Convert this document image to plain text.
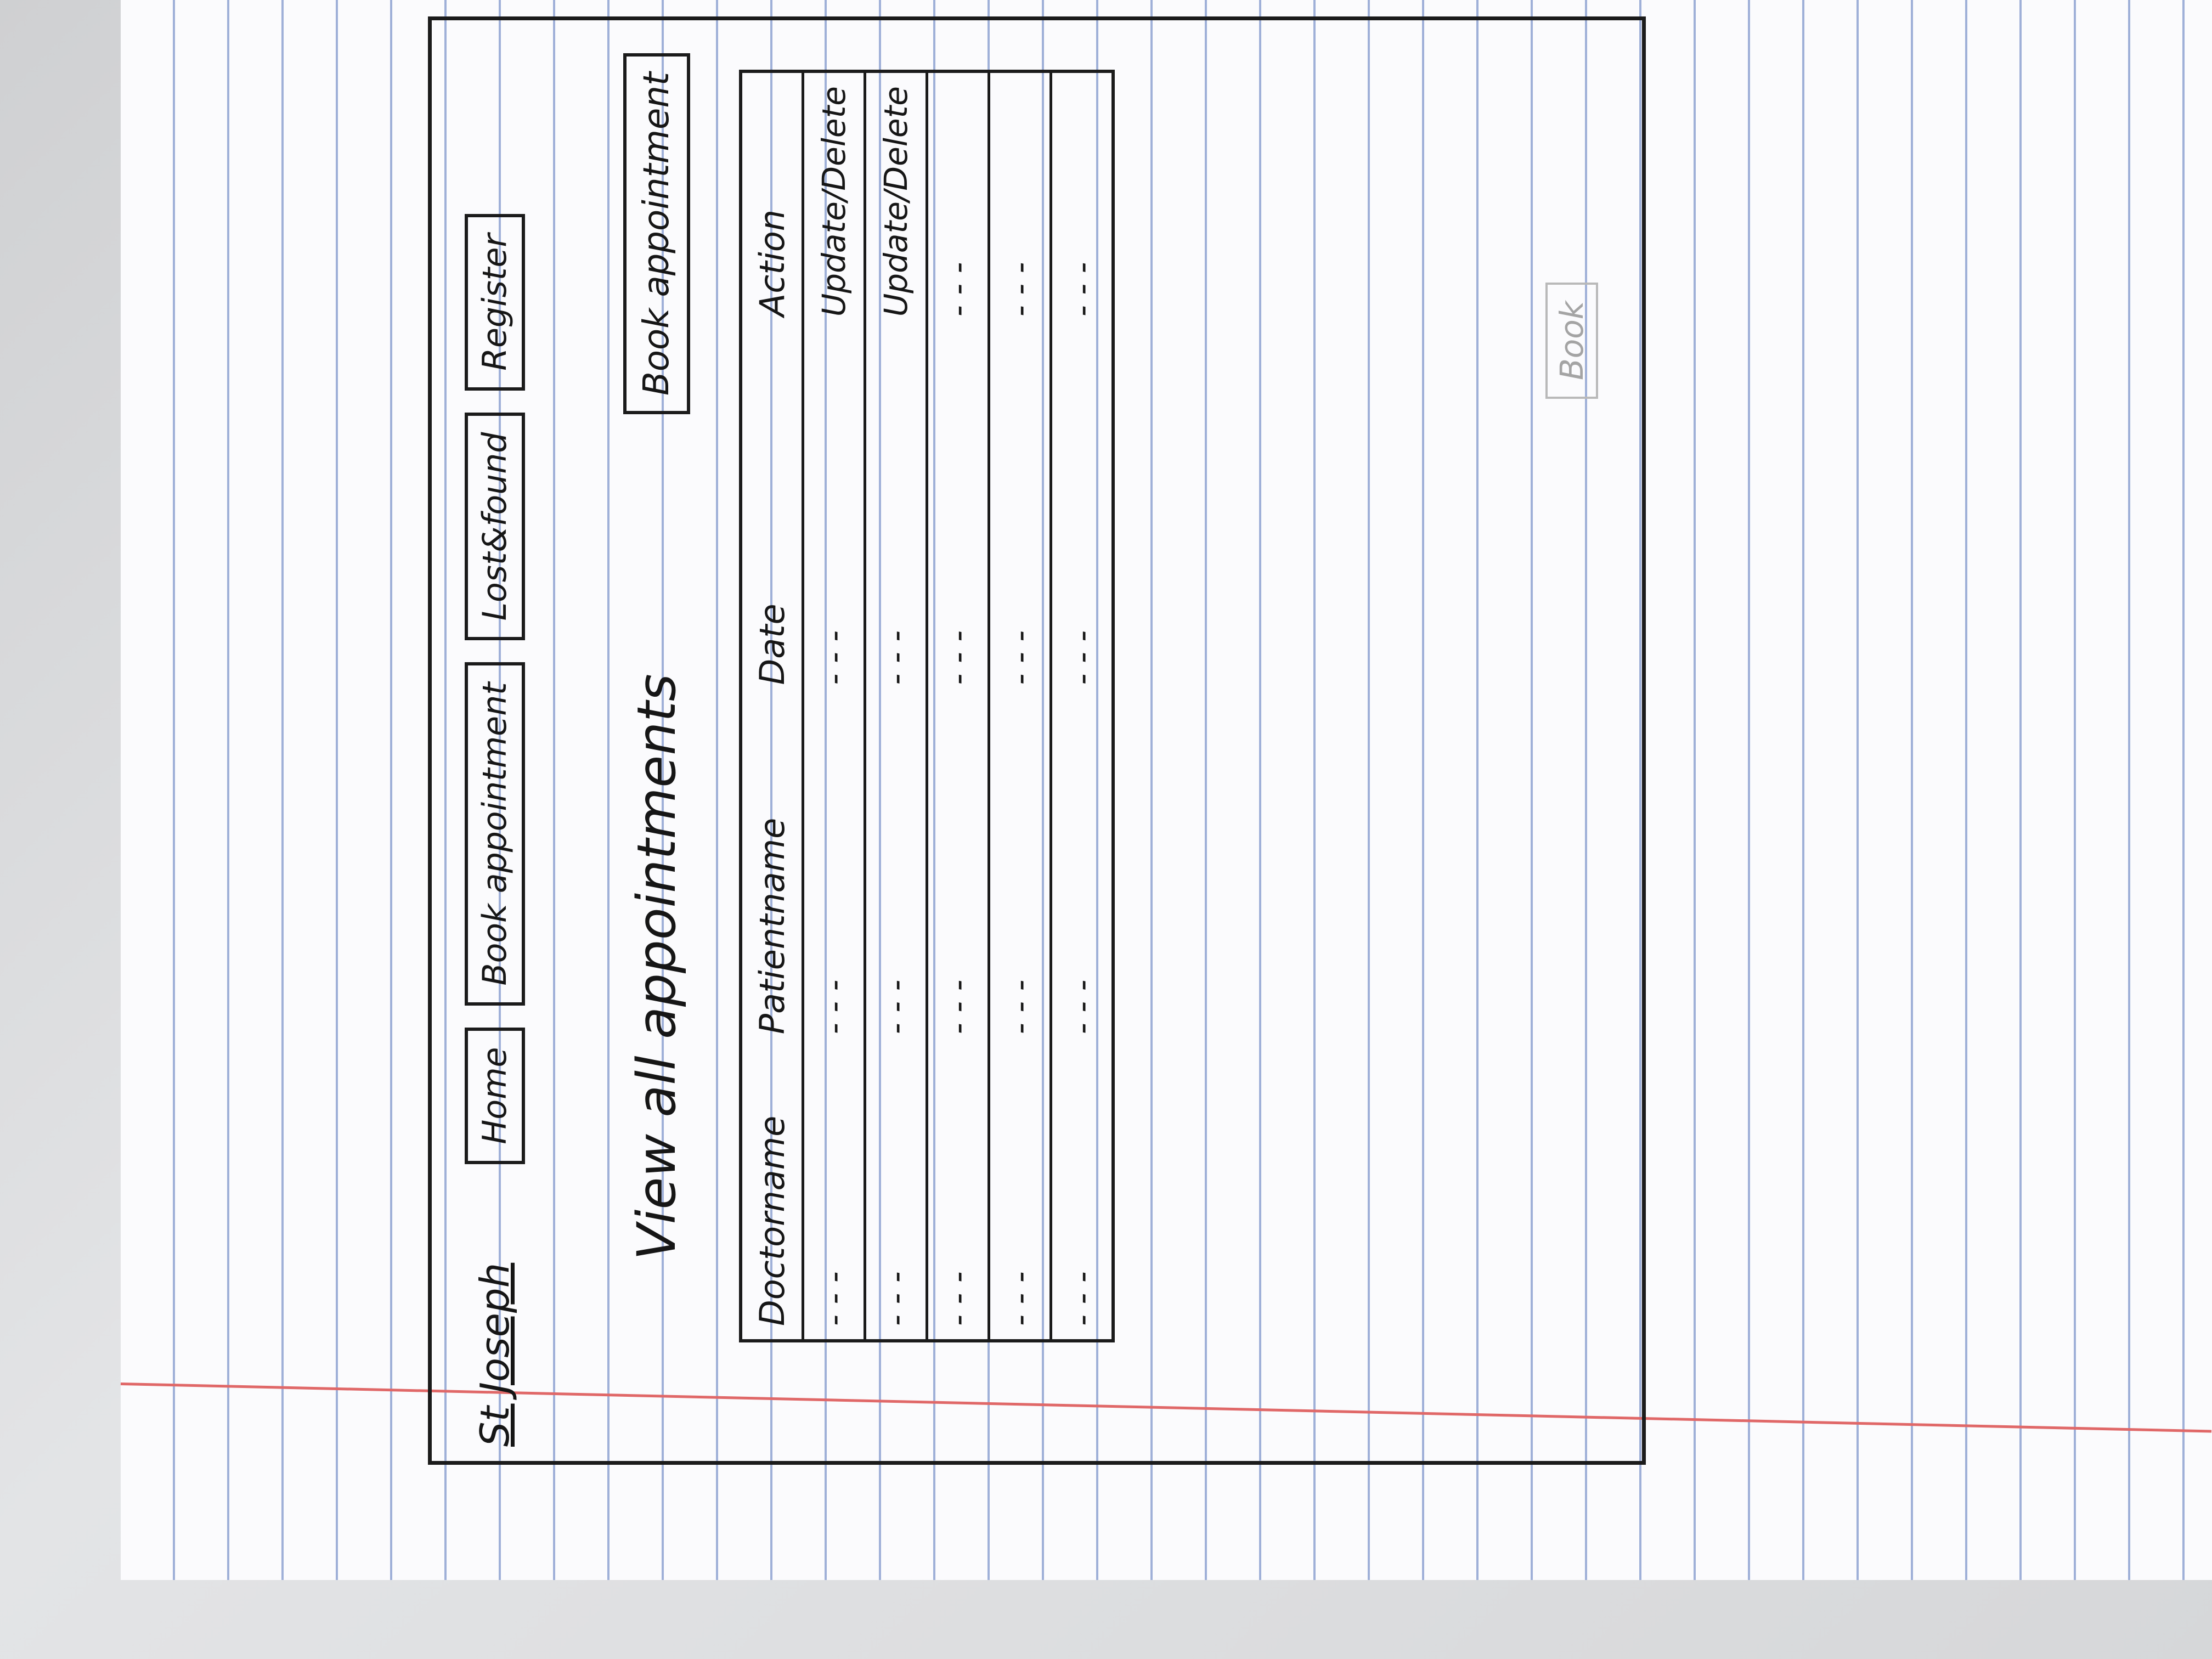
St Joseph
Home
Book appointment
Lost&found
Register
View all appointments
Book appointment
Doctorname	Patientname	Date	Action
- - -	- - -	- - -	Update/Delete
- - -	- - -	- - -	Update/Delete
- - -	- - -	- - -	- - -
- - -	- - -	- - -	- - -
- - -	- - -	- - -	- - -
Book
